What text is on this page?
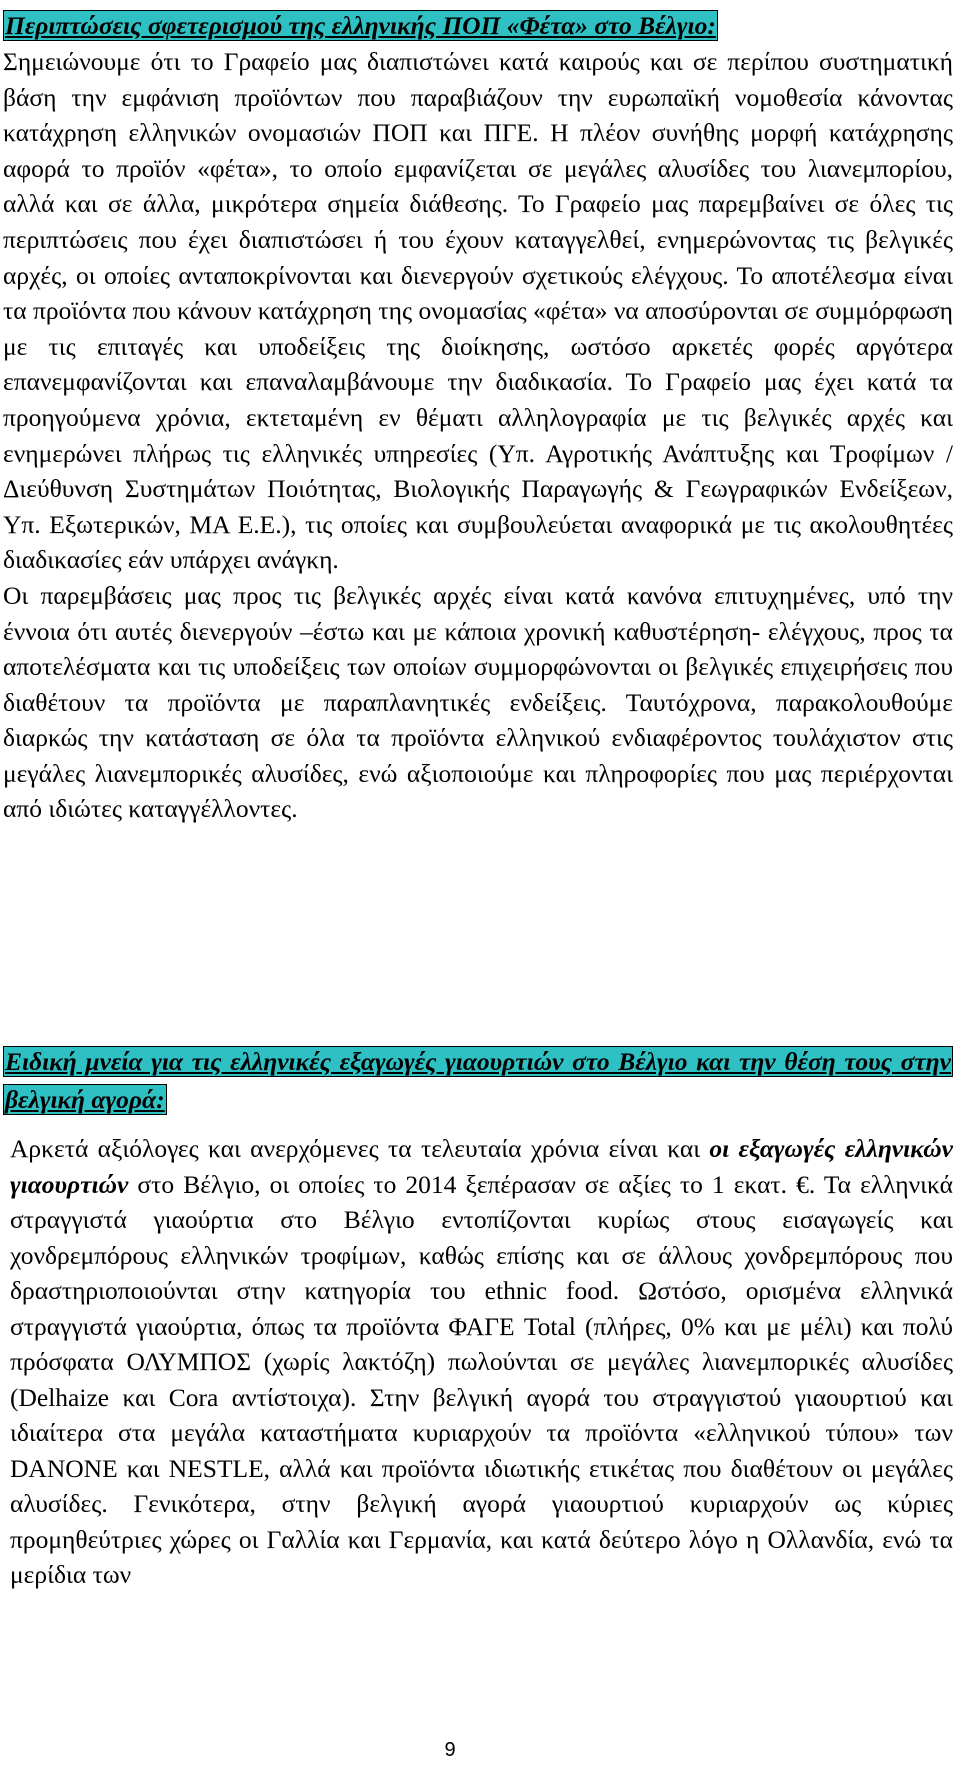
Περιπτώσεις σφετερισμού της ελληνικής ΠΟΠ «Φέτα» στο Βέλγιο:

Σημειώνουμε ότι το Γραφείο μας διαπιστώνει κατά καιρούς και σε περίπου συστηματική βάση την εμφάνιση προϊόντων που παραβιάζουν την ευρωπαϊκή νομοθεσία κάνοντας κατάχρηση ελληνικών ονομασιών ΠΟΠ και ΠΓΕ. Η πλέον συνήθης μορφή κατάχρησης αφορά το προϊόν «φέτα», το οποίο εμφανίζεται σε μεγάλες αλυσίδες του λιανεμπορίου, αλλά και σε άλλα, μικρότερα σημεία διάθεσης. Το Γραφείο μας παρεμβαίνει σε όλες τις περιπτώσεις που έχει διαπιστώσει ή του έχουν καταγγελθεί, ενημερώνοντας τις βελγικές αρχές, οι οποίες ανταποκρίνονται και διενεργούν σχετικούς ελέγχους. Το αποτέλεσμα είναι τα προϊόντα που κάνουν κατάχρηση της ονομασίας «φέτα» να αποσύρονται σε συμμόρφωση με τις επιταγές και υποδείξεις της διοίκησης, ωστόσο αρκετές φορές αργότερα επανεμφανίζονται και επαναλαμβάνουμε την διαδικασία. Το Γραφείο μας έχει κατά τα προηγούμενα χρόνια, εκτεταμένη εν θέματι αλληλογραφία με τις βελγικές αρχές και ενημερώνει πλήρως τις ελληνικές υπηρεσίες (Υπ. Αγροτικής Ανάπτυξης και Τροφίμων / Διεύθυνση Συστημάτων Ποιότητας, Βιολογικής Παραγωγής & Γεωγραφικών Ενδείξεων, Υπ. Εξωτερικών, ΜΑ Ε.Ε.), τις οποίες και συμβουλεύεται αναφορικά με τις ακολουθητέες διαδικασίες εάν υπάρχει ανάγκη.

Οι παρεμβάσεις μας προς τις βελγικές αρχές είναι κατά κανόνα επιτυχημένες, υπό την έννοια ότι αυτές διενεργούν –έστω και με κάποια χρονική καθυστέρηση- ελέγχους, προς τα αποτελέσματα και τις υποδείξεις των οποίων συμμορφώνονται οι βελγικές επιχειρήσεις που διαθέτουν τα προϊόντα με παραπλανητικές ενδείξεις. Ταυτόχρονα, παρακολουθούμε διαρκώς την κατάσταση σε όλα τα προϊόντα ελληνικού ενδιαφέροντος τουλάχιστον στις μεγάλες λιανεμπορικές αλυσίδες, ενώ αξιοποιούμε και πληροφορίες που μας περιέρχονται από ιδιώτες καταγγέλλοντες.

Ειδική μνεία για τις ελληνικές εξαγωγές γιαουρτιών στο Βέλγιο και την θέση τους στην βελγική αγορά:

Αρκετά αξιόλογες και ανερχόμενες τα τελευταία χρόνια είναι και οι εξαγωγές ελληνικών γιαουρτιών στο Βέλγιο, οι οποίες το 2014 ξεπέρασαν σε αξίες το 1 εκατ. €. Τα ελληνικά στραγγιστά γιαούρτια στο Βέλγιο εντοπίζονται κυρίως στους εισαγωγείς και χονδρεμπόρους ελληνικών τροφίμων, καθώς επίσης και σε άλλους χονδρεμπόρους που δραστηριοποιούνται στην κατηγορία του ethnic food. Ωστόσο, ορισμένα ελληνικά στραγγιστά γιαούρτια, όπως τα προϊόντα ΦΑΓΕ Total (πλήρες, 0% και με μέλι) και πολύ πρόσφατα ΟΛΥΜΠΟΣ (χωρίς λακτόζη) πωλούνται σε μεγάλες λιανεμπορικές αλυσίδες (Delhaize και Cora αντίστοιχα). Στην βελγική αγορά του στραγγιστού γιαουρτιού και ιδιαίτερα στα μεγάλα καταστήματα κυριαρχούν τα προϊόντα «ελληνικού τύπου» των DANONE και NESTLE, αλλά και προϊόντα ιδιωτικής ετικέτας που διαθέτουν οι μεγάλες αλυσίδες. Γενικότερα, στην βελγική αγορά γιαουρτιού κυριαρχούν ως κύριες προμηθεύτριες χώρες οι Γαλλία και Γερμανία, και κατά δεύτερο λόγο η Ολλανδία, ενώ τα μερίδια των

9
